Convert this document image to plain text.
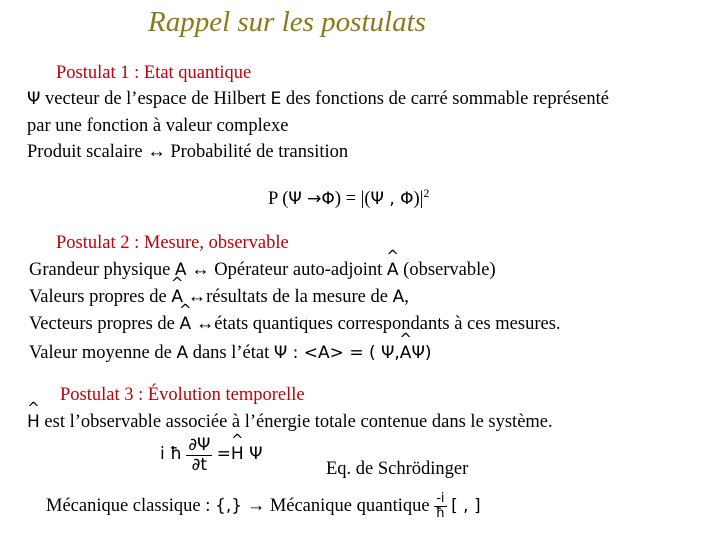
Rappel sur les postulats
Postulat 1 : Etat quantique
Ψ vecteur de l’espace de Hilbert E des fonctions de carré sommable représenté
par une fonction à valeur complexe
Produit scalaire ↔ Probabilité de transition
P (Ψ →Φ) = |(Ψ , $\Phi)|^2$
Postulat 2 : Mesure, observable
Grandeur physique A ↔ Opérateur auto-adjoint ^ A (observable)
Valeurs propres de ^ A ↔résultats de la mesure de A,
Vecteurs propres de ^ A ↔états quantiques correspondants à ces mesures.
Valeur moyenne de A dans l’état Ψ : <A> = ( Ψ,^ AΨ)
Postulat 3 : Évolution temporelle
^ H est l’observable associée à l’énergie totale contenue dans le système.
i ħ $\frac{\partial\Psi}{\partial t}$ =^ H Ψ
Eq. de Schrödinger
Mécanique classique : {,} → Mécanique quantique $\frac{-i}{ħ}$ [ , ]
